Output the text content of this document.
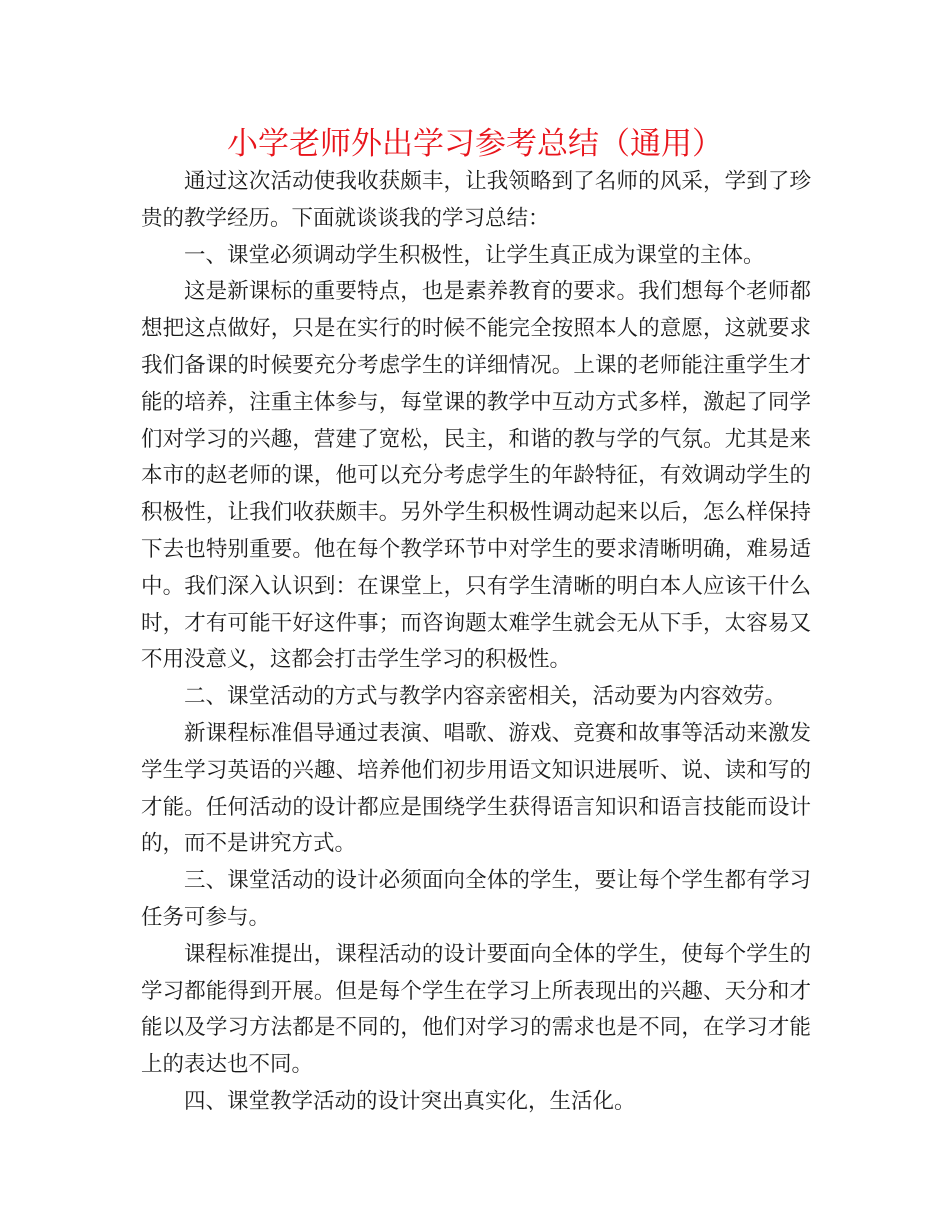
小学老师外出学习参考总结（通用）

通过这次活动使我收获颇丰，让我领略到了名师的风采，学到了珍贵的教学经历。下面就谈谈我的学习总结：

一、课堂必须调动学生积极性，让学生真正成为课堂的主体。

这是新课标的重要特点，也是素养教育的要求。我们想每个老师都想把这点做好，只是在实行的时候不能完全按照本人的意愿，这就要求我们备课的时候要充分考虑学生的详细情况。上课的老师能注重学生才能的培养，注重主体参与，每堂课的教学中互动方式多样，激起了同学们对学习的兴趣，营建了宽松，民主，和谐的教与学的气氛。尤其是来本市的赵老师的课，他可以充分考虑学生的年龄特征，有效调动学生的积极性，让我们收获颇丰。另外学生积极性调动起来以后，怎么样保持下去也特别重要。他在每个教学环节中对学生的要求清晰明确，难易适中。我们深入认识到：在课堂上，只有学生清晰的明白本人应该干什么时，才有可能干好这件事；而咨询题太难学生就会无从下手，太容易又不用没意义，这都会打击学生学习的积极性。

二、课堂活动的方式与教学内容亲密相关，活动要为内容效劳。

新课程标准倡导通过表演、唱歌、游戏、竞赛和故事等活动来激发学生学习英语的兴趣、培养他们初步用语文知识进展听、说、读和写的才能。任何活动的设计都应是围绕学生获得语言知识和语言技能而设计的，而不是讲究方式。

三、课堂活动的设计必须面向全体的学生，要让每个学生都有学习任务可参与。

课程标准提出，课程活动的设计要面向全体的学生，使每个学生的学习都能得到开展。但是每个学生在学习上所表现出的兴趣、天分和才能以及学习方法都是不同的，他们对学习的需求也是不同，在学习才能上的表达也不同。

四、课堂教学活动的设计突出真实化，生活化。
